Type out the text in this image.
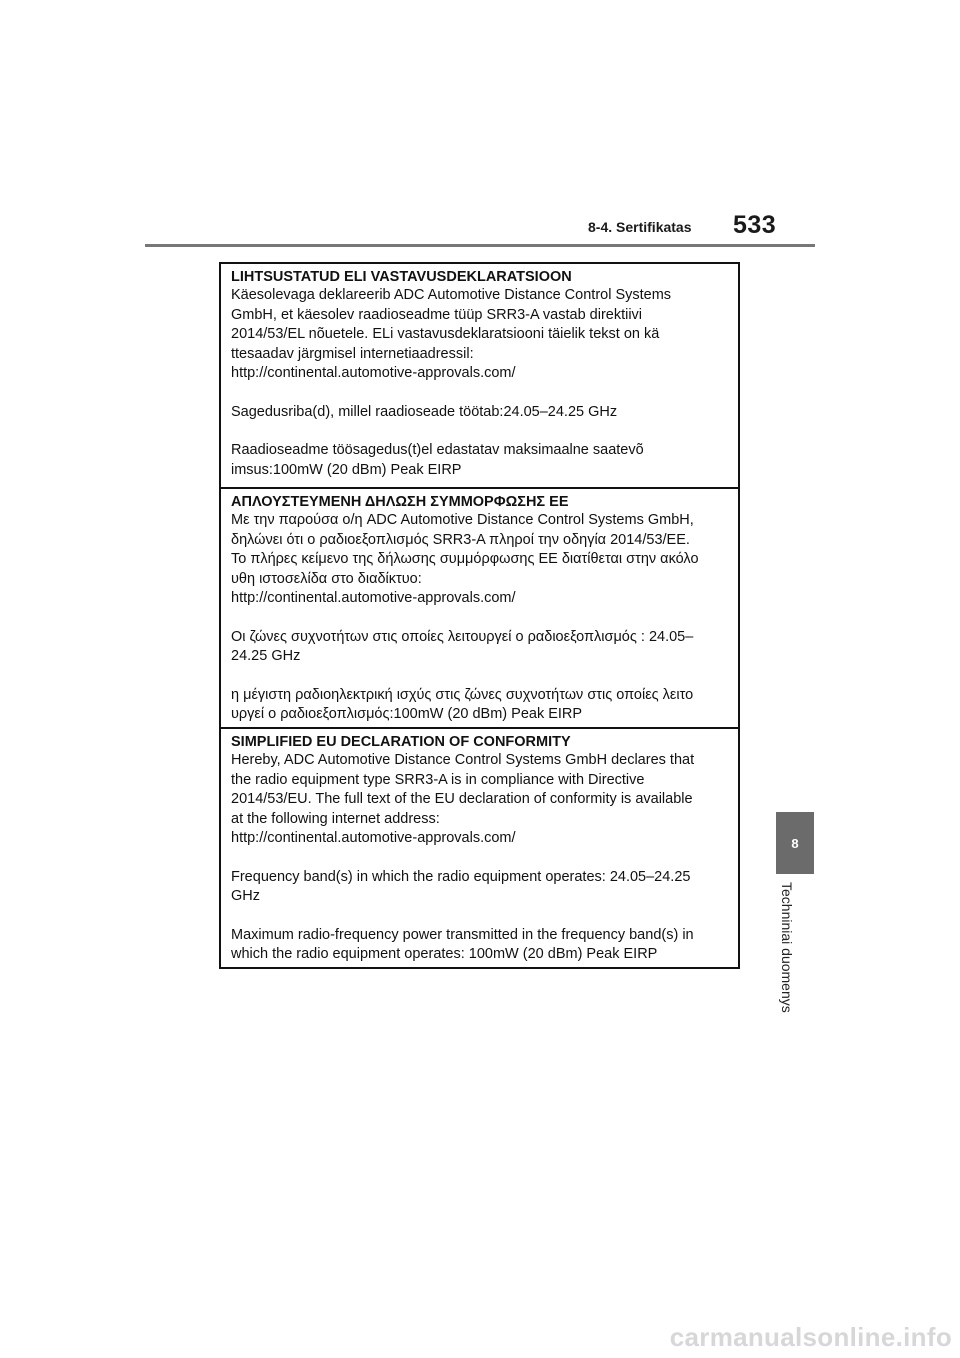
8-4. Sertifikatas 533

LIHTSUSTATUD ELI VASTAVUSDEKLARATSIOON

Käesolevaga deklareerib ADC Automotive Distance Control Systems

GmbH, et käesolev raadioseadme tüüp SRR3-A vastab direktiivi

2014/53/EL nõuetele. ELi vastavusdeklaratsiooni täielik tekst on kä

ttesaadav järgmisel internetiaadressil:

http://continental.automotive-approvals.com/

Sagedusriba(d), millel raadioseade töötab:24.05–24.25 GHz

Raadioseadme töösagedus(t)el edastatav maksimaalne saatevõ

imsus:100mW (20 dBm) Peak EIRP

ΑΠΛΟΥΣΤΕΥΜΕΝΗ ΔΗΛΩΣΗ ΣΥΜΜΟΡΦΩΣΗΣ ΕΕ

Με την παρούσα ο/η ADC Automotive Distance Control Systems GmbH,

δηλώνει ότι ο ραδιοεξοπλισμός SRR3-A πληροί την οδηγία 2014/53/ΕΕ.

Το πλήρες κείμενο της δήλωσης συμμόρφωσης ΕΕ διατίθεται στην ακόλο

υθη ιστοσελίδα στο διαδίκτυο:

http://continental.automotive-approvals.com/

Οι ζώνες συχνοτήτων στις οποίες λειτουργεί ο ραδιοεξοπλισμός : 24.05–

24.25 GHz

η μέγιστη ραδιοηλεκτρική ισχύς στις ζώνες συχνοτήτων στις οποίες λειτο

υργεί ο ραδιοεξοπλισμός:100mW (20 dBm) Peak EIRP

SIMPLIFIED EU DECLARATION OF CONFORMITY

Hereby, ADC Automotive Distance Control Systems GmbH declares that

the radio equipment type SRR3-A is in compliance with Directive

2014/53/EU. The full text of the EU declaration of conformity is available

at the following internet address:

http://continental.automotive-approvals.com/

Frequency band(s) in which the radio equipment operates: 24.05–24.25

GHz

Maximum radio-frequency power transmitted in the frequency band(s) in

which the radio equipment operates: 100mW (20 dBm) Peak EIRP

8
Techniniai duomenys
carmanualsonline.info
